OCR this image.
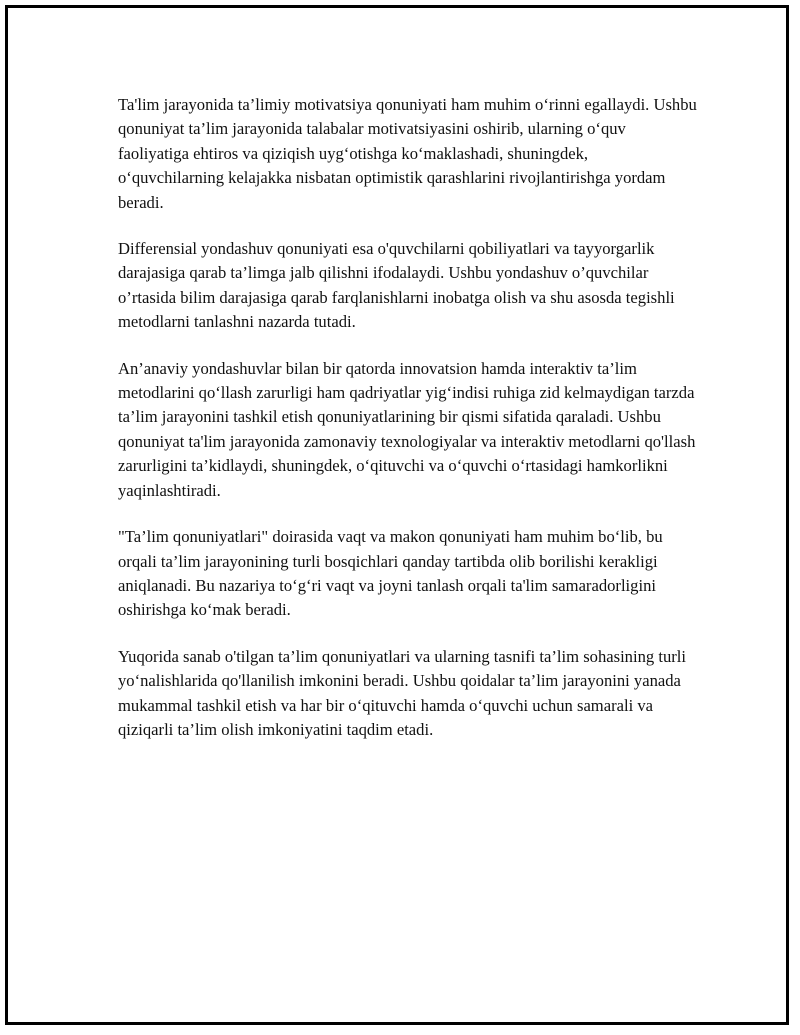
Ta'lim jarayonida ta’limiy motivatsiya qonuniyati ham muhim o‘rinni egallaydi. Ushbu qonuniyat ta’lim jarayonida talabalar motivatsiyasini oshirib, ularning o‘quv faoliyatiga ehtiros va qiziqish uyg‘otishga ko‘maklashadi, shuningdek, o‘quvchilarning kelajakka nisbatan optimistik qarashlarini rivojlantirishga yordam beradi.

Differensial yondashuv qonuniyati esa o'quvchilarni qobiliyatlari va tayyorgarlik darajasiga qarab ta’limga jalb qilishni ifodalaydi. Ushbu yondashuv o’quvchilar o’rtasida bilim darajasiga qarab farqlanishlarni inobatga olish va shu asosda tegishli metodlarni tanlashni nazarda tutadi.

An’anaviy yondashuvlar bilan bir qatorda innovatsion hamda interaktiv ta’lim metodlarini qo‘llash zarurligi ham qadriyatlar yig‘indisi ruhiga zid kelmaydigan tarzda ta’lim jarayonini tashkil etish qonuniyatlarining bir qismi sifatida qaraladi. Ushbu qonuniyat ta'lim jarayonida zamonaviy texnologiyalar va interaktiv metodlarni qo'llash zarurligini ta’kidlaydi, shuningdek, o‘qituvchi va o‘quvchi o‘rtasidagi hamkorlikni yaqinlashtiradi.

"Ta’lim qonuniyatlari" doirasida vaqt va makon qonuniyati ham muhim bo‘lib, bu orqali ta’lim jarayonining turli bosqichlari qanday tartibda olib borilishi kerakligi aniqlanadi. Bu nazariya to‘g‘ri vaqt va joyni tanlash orqali ta'lim samaradorligini oshirishga ko‘mak beradi.

Yuqorida sanab o'tilgan ta’lim qonuniyatlari va ularning tasnifi ta’lim sohasining turli yo‘nalishlarida qo'llanilish imkonini beradi. Ushbu qoidalar ta’lim jarayonini yanada mukammal tashkil etish va har bir o‘qituvchi hamda o‘quvchi uchun samarali va qiziqarli ta’lim olish imkoniyatini taqdim etadi.
